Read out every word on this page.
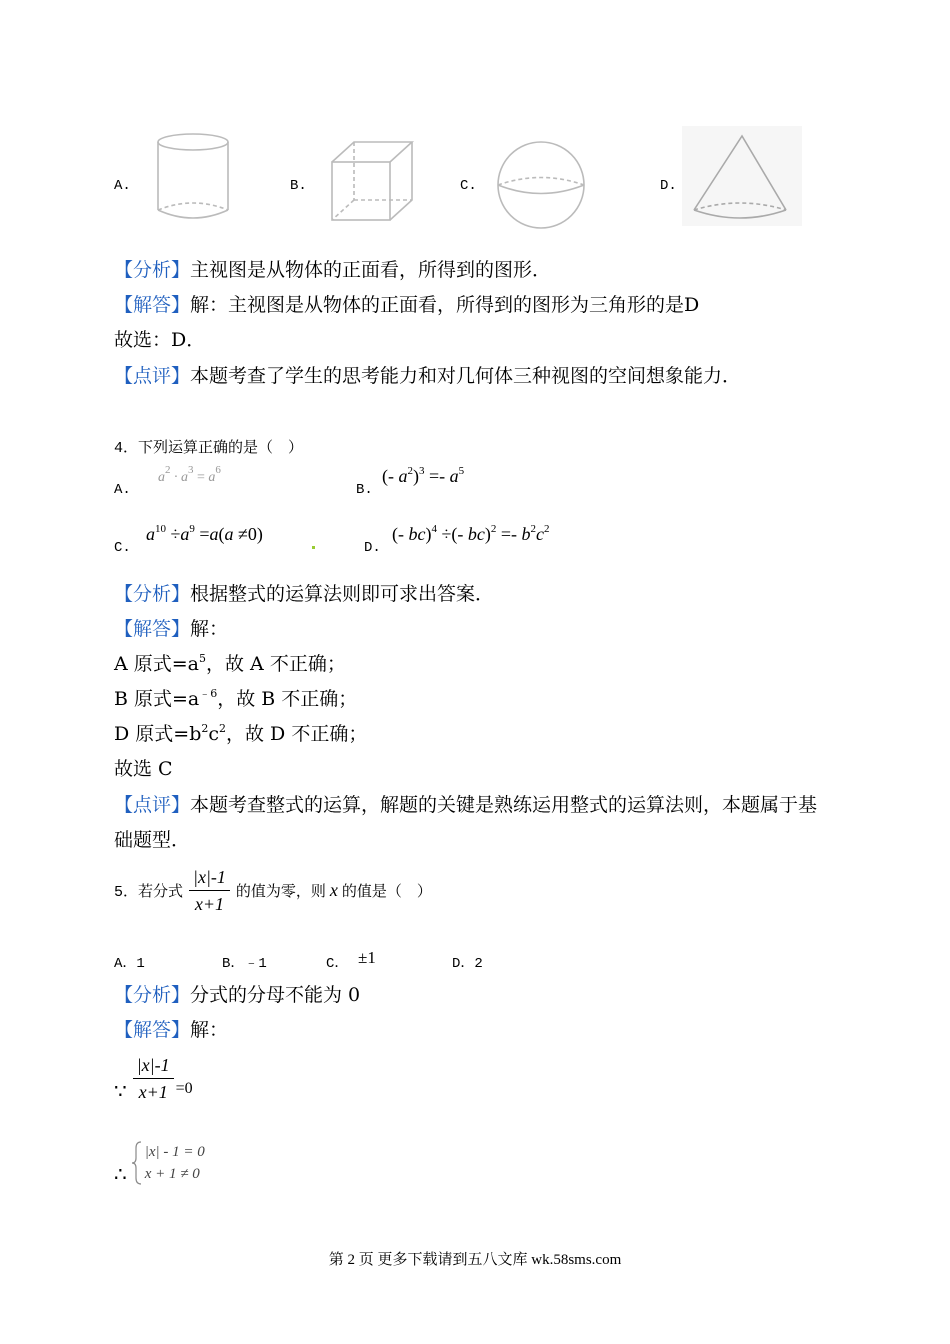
A.	B.	C.	D.
【分析】主视图是从物体的正面看，所得到的图形．
【解答】解：主视图是从物体的正面看，所得到的图形为三角形的是D
故选：D．
【点评】本题考查了学生的思考能力和对几何体三种视图的空间想象能力．
4．下列运算正确的是（　）
A.
$a^2 \cdot a^3 = a^6$
B.
(- $a^2)^3 =- a^5$
C.
$a^{10} \div a^9 =a(a \ne 0)$
D.
(- bc)$^4$ ÷(- $bc)^2 =- b^2c^2$
【分析】根据整式的运算法则即可求出答案．
【解答】解：
A 原式$=a^5$，故 A 不正确；
B 原式$=a^{﹣6}$，故 B 不正确；
D 原式$=b^2c^2$，故 D 不正确；
故选 C
【点评】本题考查整式的运算，解题的关键是熟练运用整式的运算法则，本题属于基
础题型．
5．若分式 $\frac{|x|-1}{x+1}$ 的值为零，则 x 的值是（　）
A．1	B．﹣1	C． ±1	D．2
【分析】分式的分母不能为 0
【解答】解：
∵ $\frac{|x|-1}{x+1} =0$
∴
|x| - 1 = 0
x + 1 ≠ 0
第 2 页 更多下载请到五八文库 wk.58sms.com
